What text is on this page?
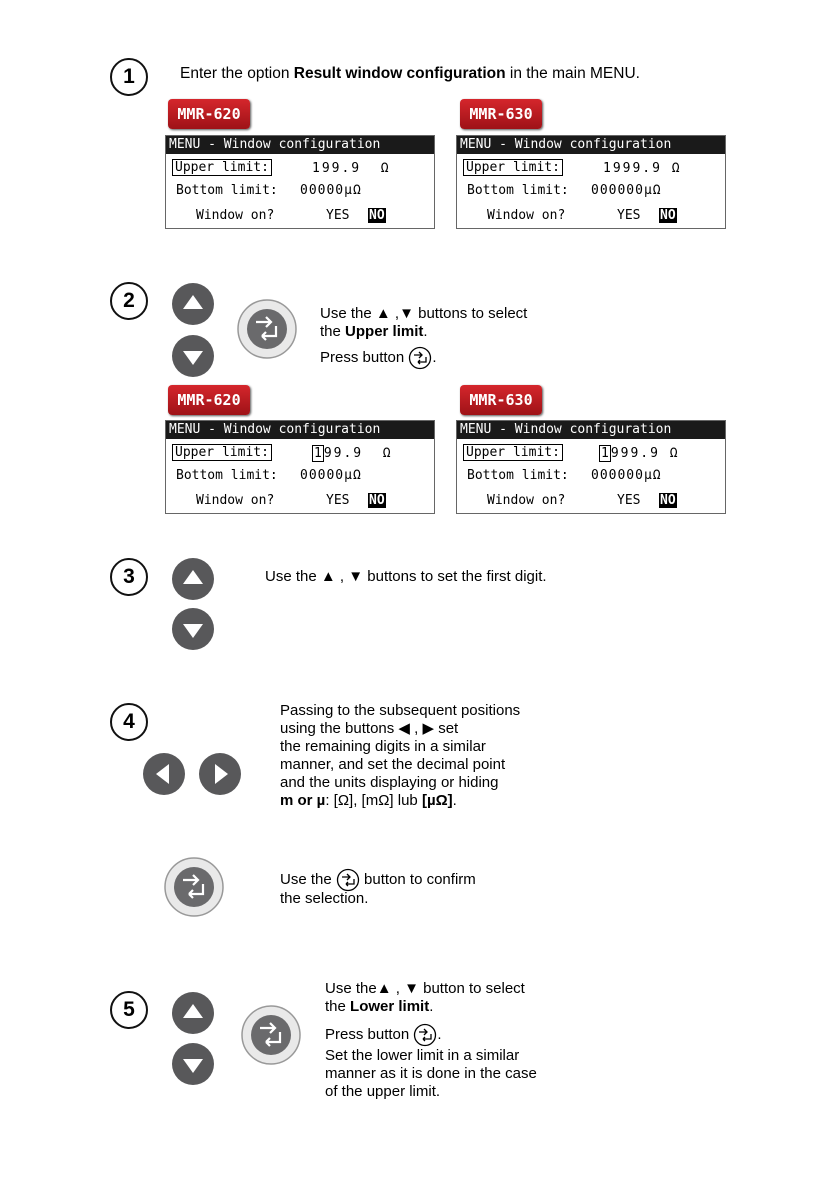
1	Enter the option Result window configuration in the main MENU.
MMR-620
MENU - Window configuration
Upper limit:	199.9  Ω
Bottom limit: 00000µΩ
Window on?	YES NO
MMR-630
MENU - Window configuration
Upper limit:	1999.9 Ω
Bottom limit: 000000µΩ
Window on?	YES NO
2
Use the ▲ ,▼ buttons to select
the Upper limit.
Press button .
MMR-620
MENU - Window configuration
Upper limit:	1 99.9  Ω
Bottom limit: 00000µΩ
Window on?	YES NO
MMR-630
MENU - Window configuration
Upper limit:	1 999.9 Ω
Bottom limit: 000000µΩ
Window on?	YES NO
3	Use the ▲ , ▼ buttons to set the first digit.
4	Passing to the subsequent positions
using the buttons ◀ , ▶ set
the remaining digits in a similar
manner, and set the decimal point
and the units displaying or hiding
m or µ: [Ω], [mΩ] lub [µΩ].
Use the  button to confirm
the selection.
5
Use the▲ , ▼ button to select
the Lower limit.
Press button .
Set the lower limit in a similar
manner as it is done in the case
of the upper limit.
